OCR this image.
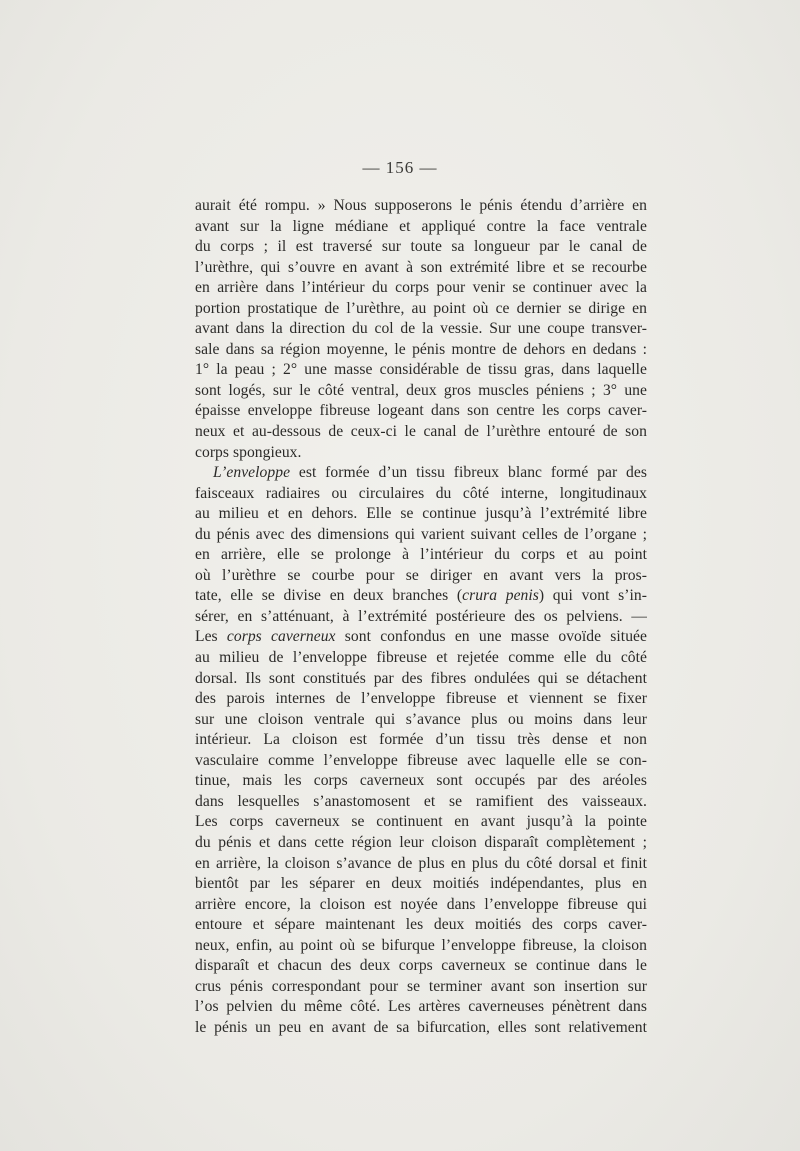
— 156 —
aurait été rompu. » Nous supposerons le pénis étendu d’arrière en
avant sur la ligne médiane et appliqué contre la face ventrale
du corps ; il est traversé sur toute sa longueur par le canal de
l’urèthre, qui s’ouvre en avant à son extrémité libre et se recourbe
en arrière dans l’intérieur du corps pour venir se continuer avec la
portion prostatique de l’urèthre, au point où ce dernier se dirige en
avant dans la direction du col de la vessie. Sur une coupe transver-
sale dans sa région moyenne, le pénis montre de dehors en dedans :
1° la peau ; 2° une masse considérable de tissu gras, dans laquelle
sont logés, sur le côté ventral, deux gros muscles péniens ; 3° une
épaisse enveloppe fibreuse logeant dans son centre les corps caver-
neux et au-dessous de ceux-ci le canal de l’urèthre entouré de son
corps spongieux.
L’enveloppe est formée d’un tissu fibreux blanc formé par des
faisceaux radiaires ou circulaires du côté interne, longitudinaux
au milieu et en dehors. Elle se continue jusqu’à l’extrémité libre
du pénis avec des dimensions qui varient suivant celles de l’organe ;
en arrière, elle se prolonge à l’intérieur du corps et au point
où l’urèthre se courbe pour se diriger en avant vers la pros-
tate, elle se divise en deux branches (crura penis) qui vont s’in-
sérer, en s’atténuant, à l’extrémité postérieure des os pelviens. —
Les corps caverneux sont confondus en une masse ovoïde située
au milieu de l’enveloppe fibreuse et rejetée comme elle du côté
dorsal. Ils sont constitués par des fibres ondulées qui se détachent
des parois internes de l’enveloppe fibreuse et viennent se fixer
sur une cloison ventrale qui s’avance plus ou moins dans leur
intérieur. La cloison est formée d’un tissu très dense et non
vasculaire comme l’enveloppe fibreuse avec laquelle elle se con-
tinue, mais les corps caverneux sont occupés par des aréoles
dans lesquelles s’anastomosent et se ramifient des vaisseaux.
Les corps caverneux se continuent en avant jusqu’à la pointe
du pénis et dans cette région leur cloison disparaît complètement ;
en arrière, la cloison s’avance de plus en plus du côté dorsal et finit
bientôt par les séparer en deux moitiés indépendantes, plus en
arrière encore, la cloison est noyée dans l’enveloppe fibreuse qui
entoure et sépare maintenant les deux moitiés des corps caver-
neux, enfin, au point où se bifurque l’enveloppe fibreuse, la cloison
disparaît et chacun des deux corps caverneux se continue dans le
crus pénis correspondant pour se terminer avant son insertion sur
l’os pelvien du même côté. Les artères caverneuses pénètrent dans
le pénis un peu en avant de sa bifurcation, elles sont relativement
